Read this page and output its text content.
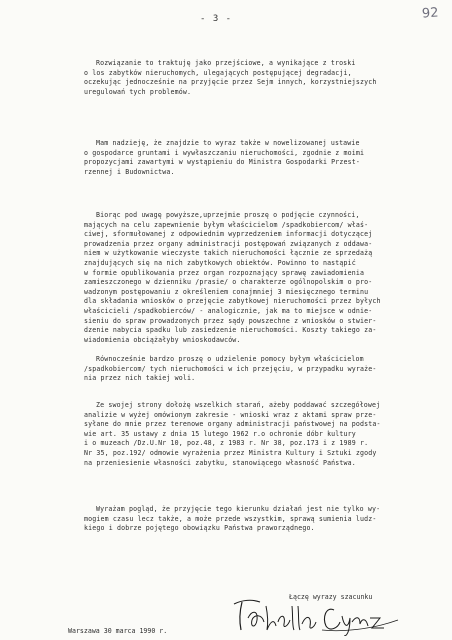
- 3 -	92
Rozwiązanie to traktuję jako przejściowe, a wynikające z troski
o los zabytków nieruchomych, ulegających postępującej degradacji,
oczekując jednocześnie na przyjęcie przez Sejm innych, korzystniejszych
uregulowań tych problemów.
Mam nadzieję, że znajdzie to wyraz także w nowelizowanej ustawie
o gospodarce gruntami i wywłaszczaniu nieruchomości, zgodnie z moimi
propozycjami zawartymi w wystąpieniu do Ministra Gospodarki Przest-
rzennej i Budownictwa.
Biorąc pod uwagę powyższe,uprzejmie proszę o podjęcie czynności,
mających na celu zapewnienie byłym właścicielom /spadkobiercom/ właś-
ciwej, sformułowanej z odpowiednim wyprzedzeniem informacji dotyczącej
prowadzenia przez organy administracji postępowań związanych z oddawa-
niem w użytkowanie wieczyste takich nieruchomości łącznie ze sprzedażą
znajdujących się na nich zabytkowych obiektów. Powinno to nastąpić
w formie opublikowania przez organ rozpoznający sprawę zawiadomienia
zamieszczonego w dzienniku /prasie/ o charakterze ogólnopolskim o pro-
wadzonym postępowaniu z określeniem conajmniej 3 miesięcznego terminu
dla składania wniosków o przejęcie zabytkowej nieruchomości przez byłych
właścicieli /spadkobierców/ - analogicznie, jak ma to miejsce w odnie-
sieniu do spraw prowadzonych przez sądy powszechne z wniosków o stwier-
dzenie nabycia spadku lub zasiedzenie nieruchomości. Koszty takiego za-
wiadomienia obciążałyby wnioskodawców.
Równocześnie bardzo proszę o udzielenie pomocy byłym właścicielom
/spadkobiercom/ tych nieruchomości w ich przejęciu, w przypadku wyraże-
nia przez nich takiej woli.
Ze swojej strony dołożę wszelkich starań, ażeby poddawać szczegółowej
analizie w wyżej omówionym zakresie - wnioski wraz z aktami spraw prze-
syłane do mnie przez terenowe organy administracji państwowej na podsta-
wie art. 35 ustawy z dnia 15 lutego 1962 r.o ochronie dóbr kultury
i o muzeach /Dz.U.Nr 10, poz.48, z 1983 r. Nr 38, poz.173 i z 1989 r.
Nr 35, poz.192/ odmowie wyrażenia przez Ministra Kultury i Sztuki zgody
na przeniesienie własności zabytku, stanowiącego własność Państwa.
Wyrażam pogląd, że przyjęcie tego kierunku działań jest nie tylko wy-
mogiem czasu lecz także, a może przede wszystkim, sprawą sumienia ludz-
kiego i dobrze pojętego obowiązku Państwa praworządnego.
Łączę wyrazy szacunku
Warszawa 30 marca 1990 r.
